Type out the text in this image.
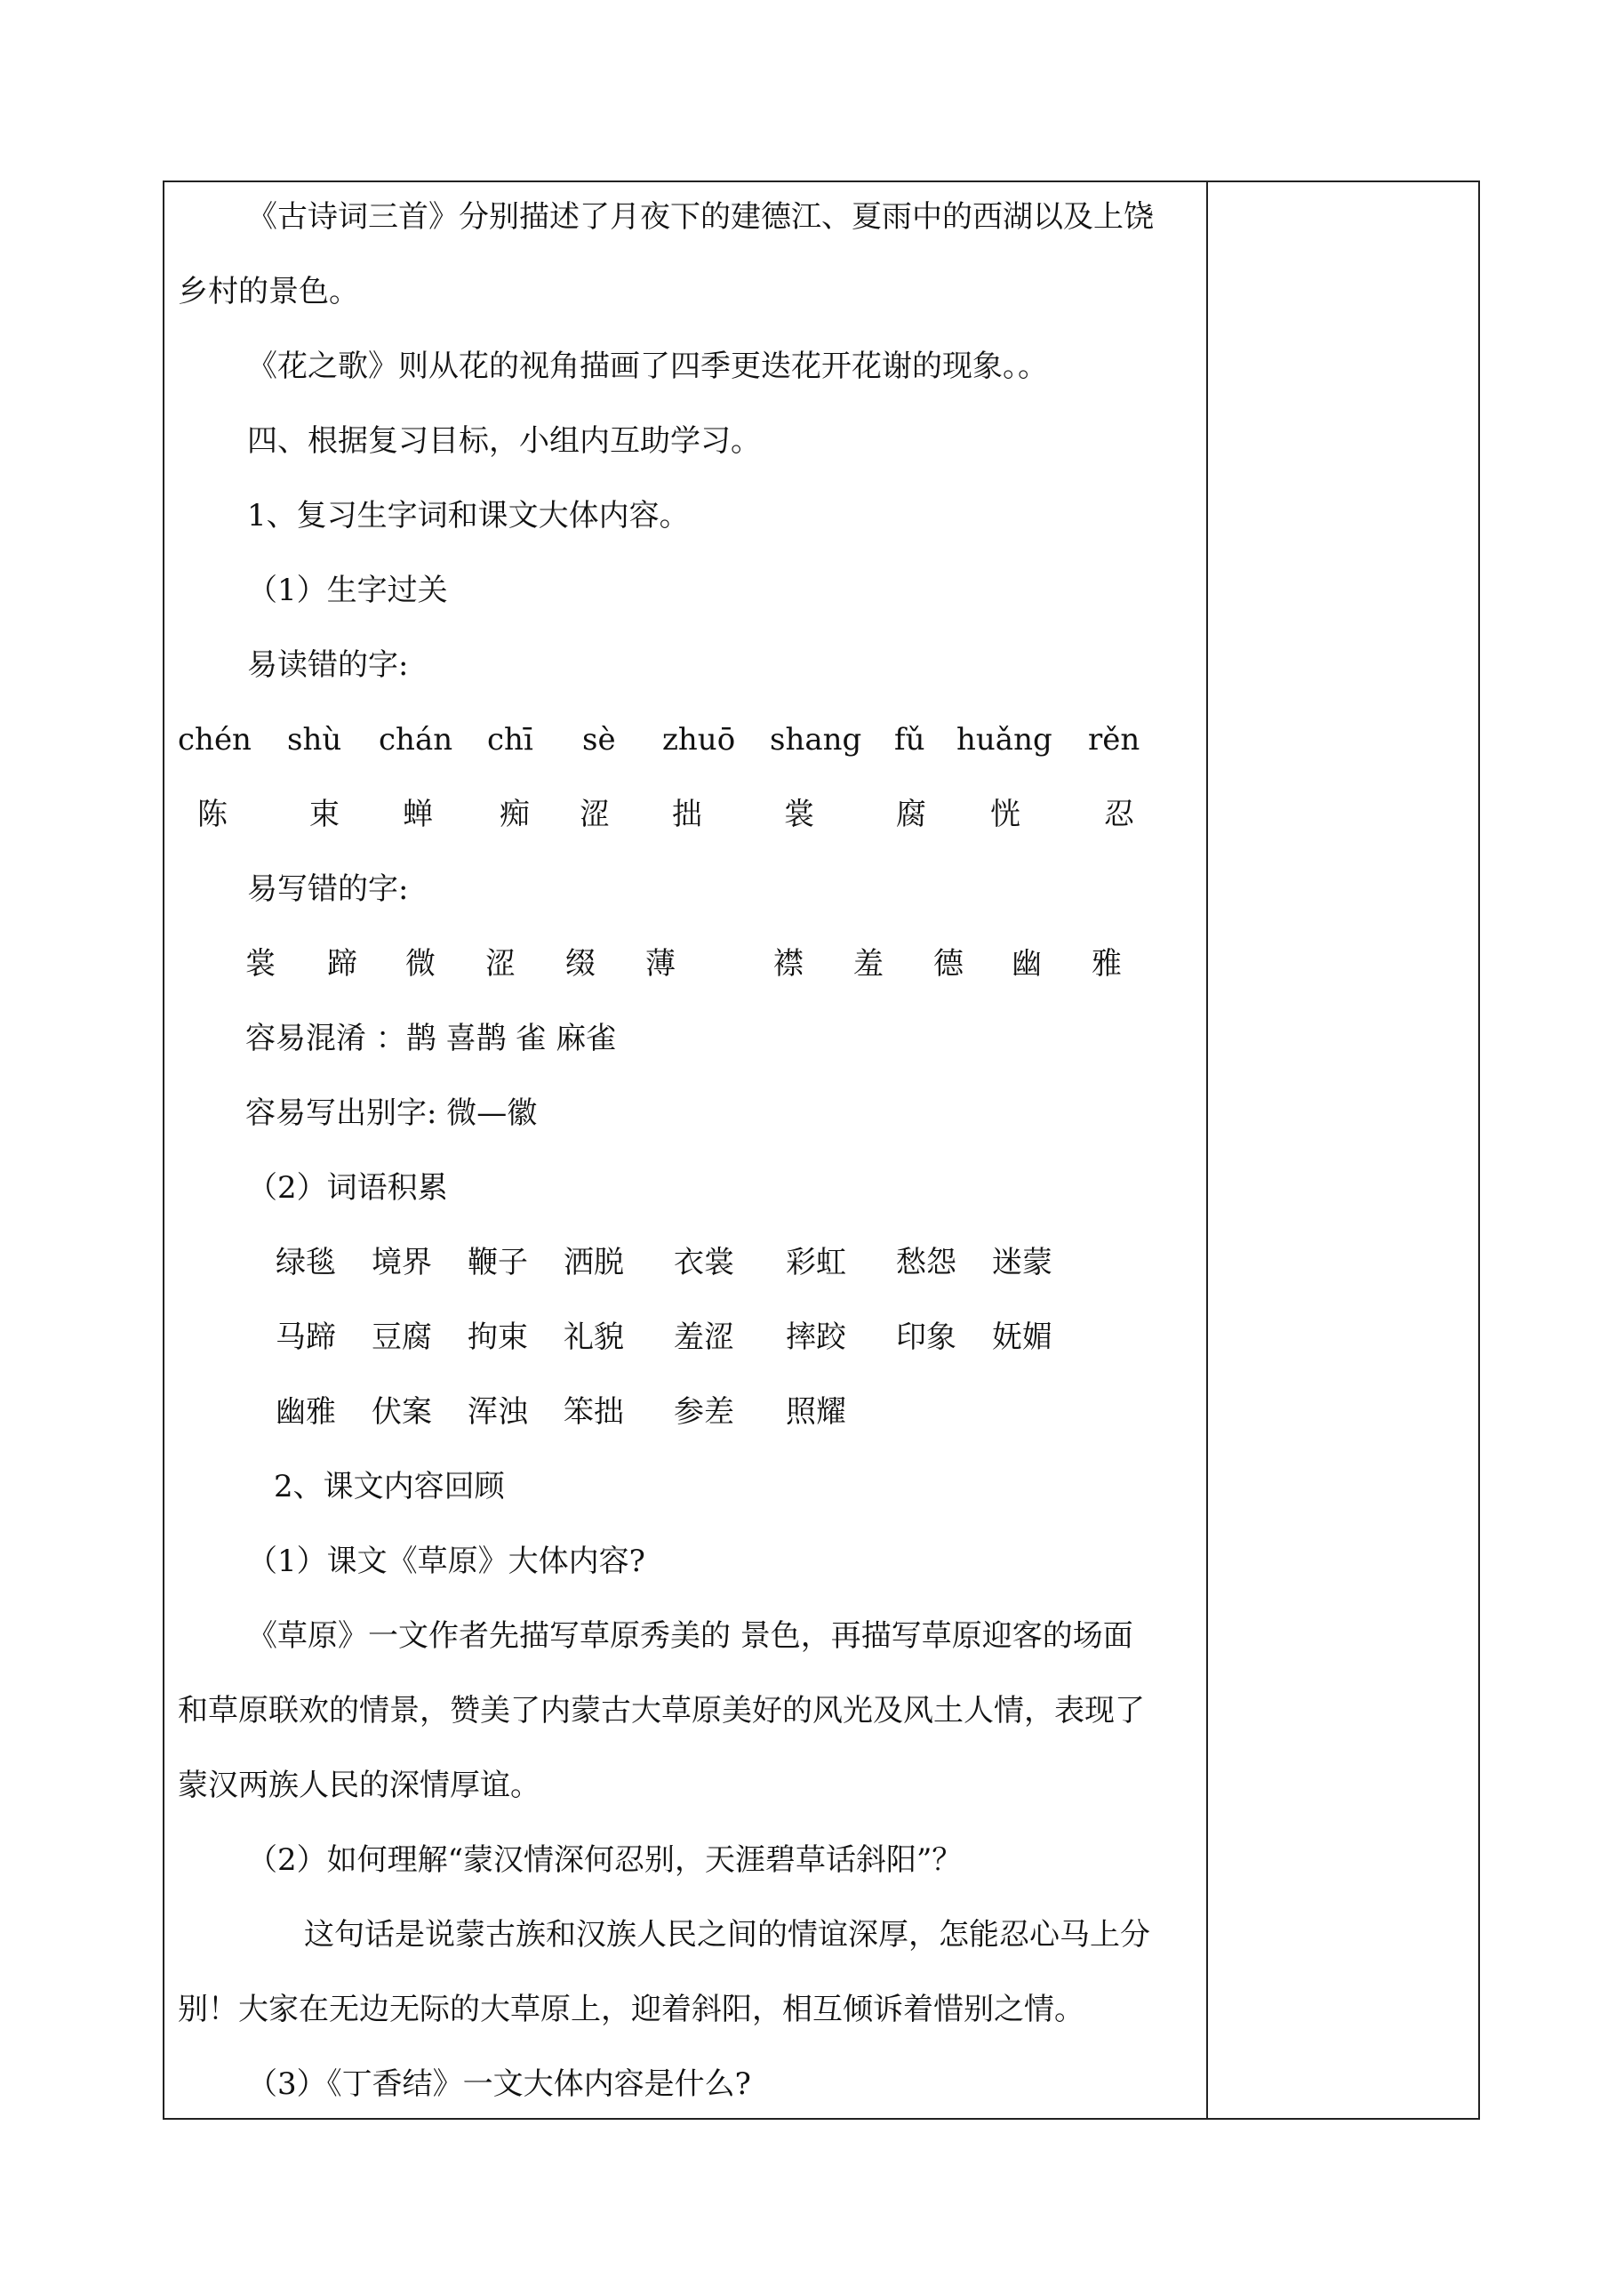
《古诗词三首》分别描述了月夜下的建德江、夏雨中的西湖以及上饶
乡村的景色。
《花之歌》则从花的视角描画了四季更迭花开花谢的现象。。
四、根据复习目标，小组内互助学习。
1、复习生字词和课文大体内容。
（1）生字过关
易读错的字:
chén shù chán chī sè zhuō shang fǔ huǎng rěn
陈	束 蝉 痴 涩 拙	裳	腐 恍	忍
易写错的字:
裳 蹄 微 涩 缀 薄	襟 羞 德 幽 雅
容易混淆 ：鹊 喜鹊 雀 麻雀
容易写出别字: 微—徽
（2）词语积累
绿毯 境界 鞭子 洒脱 衣裳 彩虹 愁怨 迷蒙
马蹄 豆腐 拘束 礼貌 羞涩 摔跤 印象 妩媚
幽雅 伏案 浑浊 笨拙 参差 照耀
2、课文内容回顾
（1）课文《草原》大体内容?
《草原》一文作者先描写草原秀美的 景色，再描写草原迎客的场面
和草原联欢的情景，赞美了内蒙古大草原美好的风光及风土人情，表现了
蒙汉两族人民的深情厚谊。
（2）如何理解“蒙汉情深何忍别，天涯碧草话斜阳”？
这句话是说蒙古族和汉族人民之间的情谊深厚，怎能忍心马上分
别！大家在无边无际的大草原上，迎着斜阳，相互倾诉着惜别之情。
（3）《丁香结》一文大体内容是什么?
